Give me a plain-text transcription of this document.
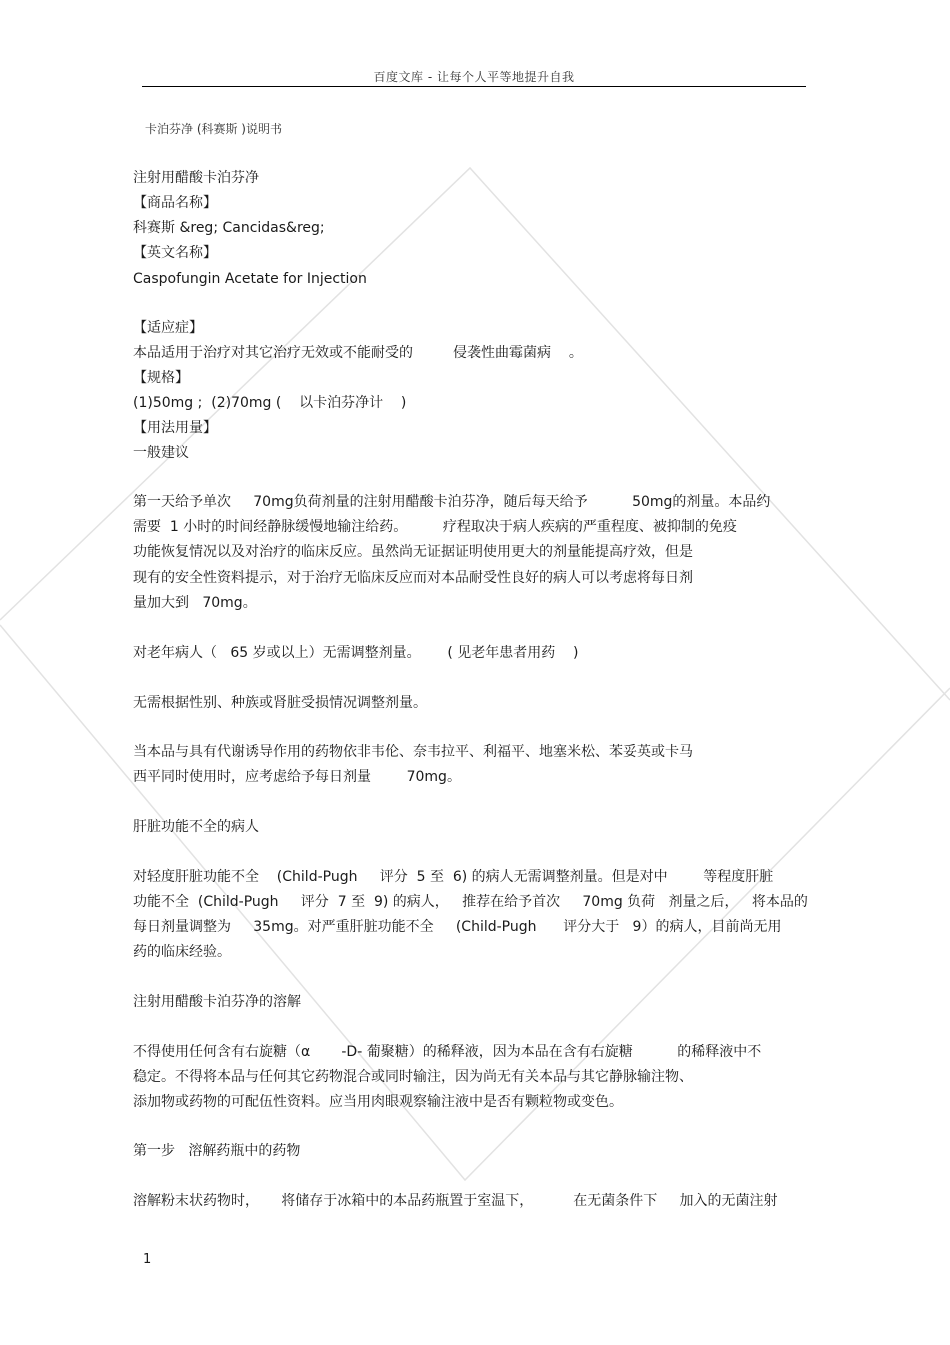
百度文库 - 让每个人平等地提升自我
卡泊芬净 (科赛斯 )说明书
注射用醋酸卡泊芬净
【商品名称】
科赛斯 &reg; Cancidas&reg;
【英文名称】
Caspofungin Acetate for Injection
【适应症】
本品适用于治疗对其它治疗无效或不能耐受的         侵袭性曲霉菌病    。
【规格】
(1)50mg ;  (2)70mg (    以卡泊芬净计    )
【用法用量】
一般建议
第一天给予单次     70mg负荷剂量的注射用醋酸卡泊芬净，随后每天给予          50mg的剂量。本品约
需要  1 小时的时间经静脉缓慢地输注给药。        疗程取决于病人疾病的严重程度、被抑制的免疫
功能恢复情况以及对治疗的临床反应。虽然尚无证据证明使用更大的剂量能提高疗效，但是
现有的安全性资料提示，对于治疗无临床反应而对本品耐受性良好的病人可以考虑将每日剂
量加大到   70mg。
对老年病人（   65 岁或以上）无需调整剂量。      ( 见老年患者用药    )
无需根据性别、种族或肾脏受损情况调整剂量。
当本品与具有代谢诱导作用的药物依非韦伦、奈韦拉平、利福平、地塞米松、苯妥英或卡马
西平同时使用时，应考虑给予每日剂量        70mg。
肝脏功能不全的病人
对轻度肝脏功能不全    (Child-Pugh     评分  5 至  6) 的病人无需调整剂量。但是对中        等程度肝脏
功能不全  (Child-Pugh     评分  7 至  9) 的病人，   推荐在给予首次     70mg 负荷   剂量之后，   将本品的
每日剂量调整为     35mg。对严重肝脏功能不全     (Child-Pugh      评分大于   9）的病人，目前尚无用
药的临床经验。
注射用醋酸卡泊芬净的溶解
不得使用任何含有右旋糖（α       -D- 葡聚糖）的稀释液，因为本品在含有右旋糖          的稀释液中不
稳定。不得将本品与任何其它药物混合或同时输注，因为尚无有关本品与其它静脉输注物、
添加物或药物的可配伍性资料。应当用肉眼观察输注液中是否有颗粒物或变色。
第一步   溶解药瓶中的药物
溶解粉末状药物时，     将储存于冰箱中的本品药瓶置于室温下，         在无菌条件下     加入的无菌注射
1
